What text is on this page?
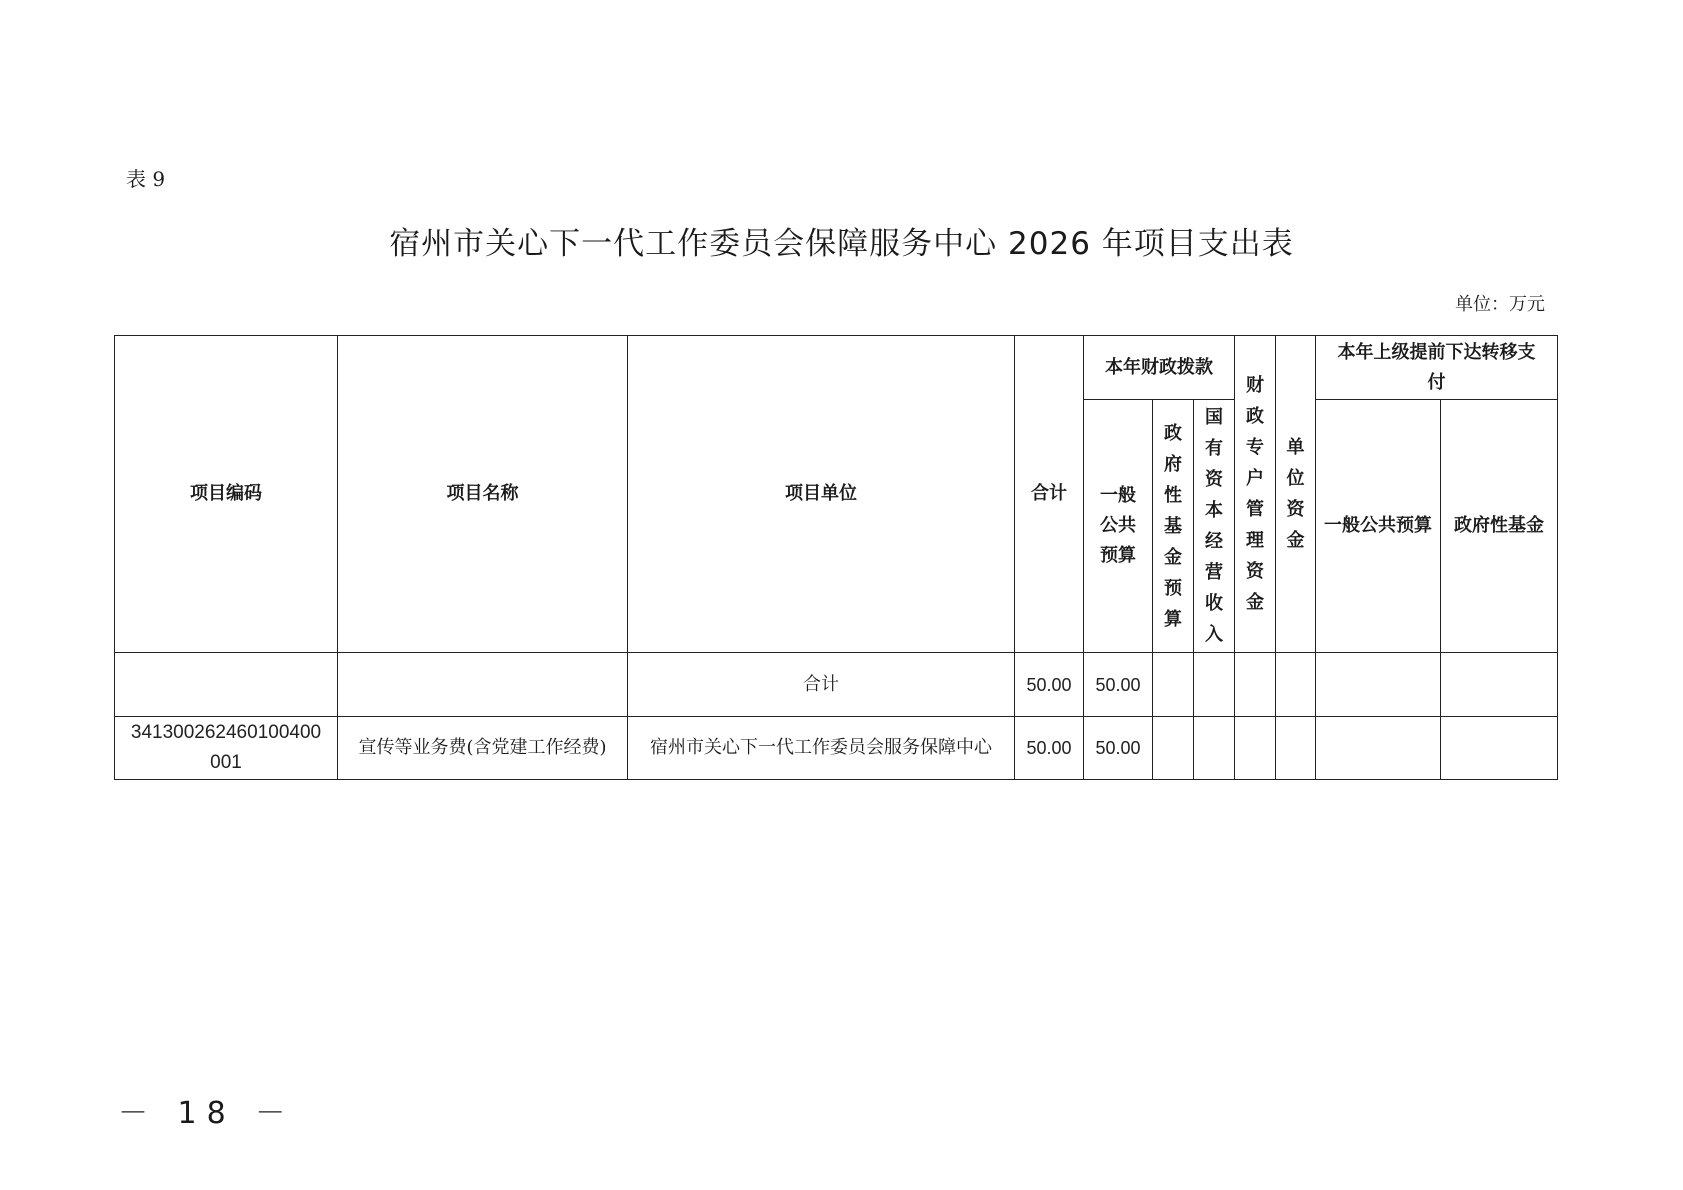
表 9
宿州市关心下一代工作委员会保障服务中心 2026 年项目支出表
单位：万元
项目编码	项目名称	项目单位	合计	本年财政拨款			财政专户管理资金	单位资金	本年上级提前下达转移支付	
				一般公共预算	政府性基金预算	国有资本经营收入			一般公共预算	政府性基金
		合计	50.00	50.00						
341300262460100400001	宣传等业务费(含党建工作经费)	宿州市关心下一代工作委员会服务保障中心	50.00	50.00						
－ 18 －
